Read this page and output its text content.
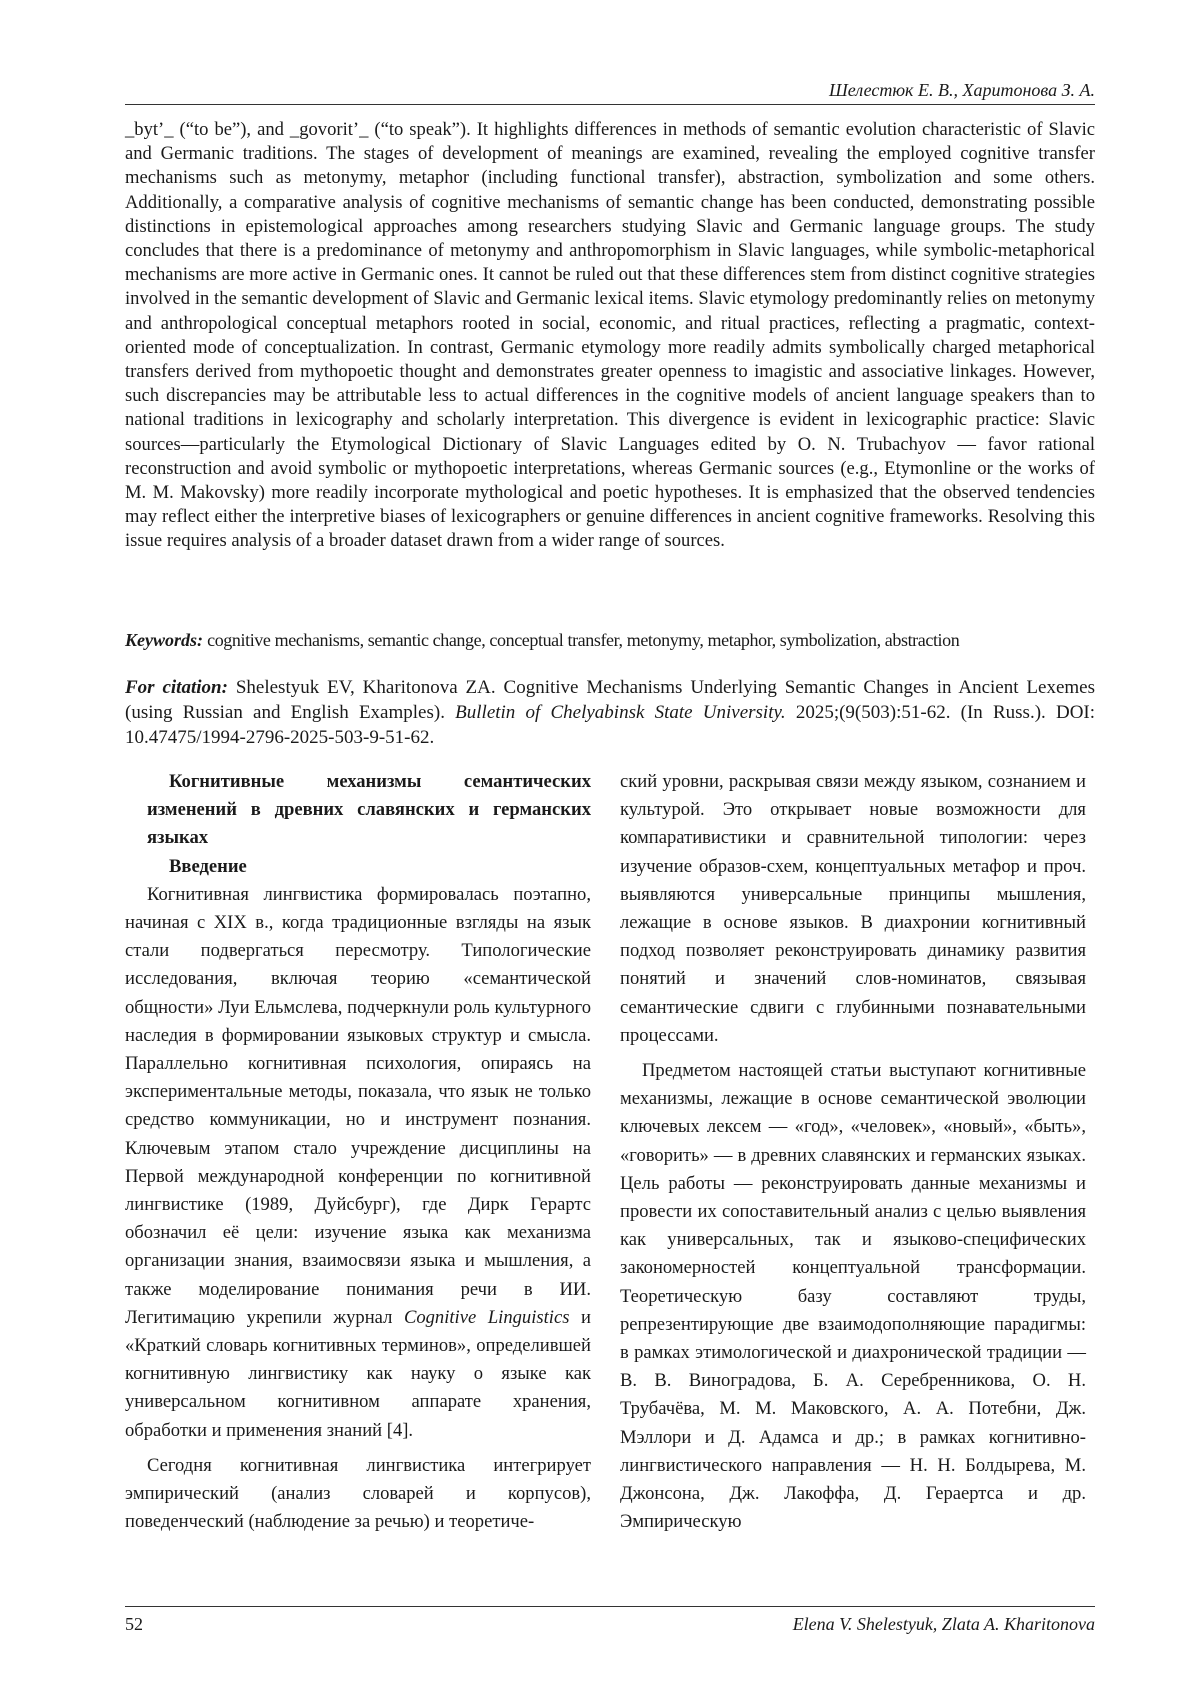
Шелестюк Е. В., Харитонова З. А.

_byt’_ (“to be”), and _govorit’_ (“to speak”). It highlights differences in methods of semantic evolution characteristic of Slavic and Germanic traditions. The stages of development of meanings are examined, revealing the employed cognitive transfer mechanisms such as metonymy, metaphor (including functional transfer), abstraction, symbolization and some others. Additionally, a comparative analysis of cognitive mechanisms of semantic change has been conducted, demonstrating possible distinctions in epistemological approaches among researchers studying Slavic and Germanic language groups. The study concludes that there is a predominance of metonymy and anthropomorphism in Slavic languages, while symbolic-metaphorical mechanisms are more active in Germanic ones. It cannot be ruled out that these differences stem from distinct cognitive strategies involved in the semantic development of Slavic and Germanic lexical items. Slavic etymology predominantly relies on metonymy and anthropological conceptual metaphors rooted in social, economic, and ritual practices, reflecting a pragmatic, context-oriented mode of conceptualization. In contrast, Germanic etymology more readily admits symbolically charged metaphorical transfers derived from mythopoetic thought and demonstrates greater openness to imagistic and associative linkages. However, such discrepancies may be attributable less to actual differences in the cognitive models of ancient language speakers than to national traditions in lexicography and scholarly interpretation. This divergence is evident in lexicographic practice: Slavic sources—particularly the Etymological Dictionary of Slavic Languages edited by O. N. Trubachyov — favor rational reconstruction and avoid symbolic or mythopoetic interpretations, whereas Germanic sources (e.g., Etymonline or the works of M. M. Makovsky) more readily incorporate mythological and poetic hypotheses. It is emphasized that the observed tendencies may reflect either the interpretive biases of lexicographers or genuine differences in ancient cognitive frameworks. Resolving this issue requires analysis of a broader dataset drawn from a wider range of sources.

Keywords: cognitive mechanisms, semantic change, conceptual transfer, metonymy, metaphor, symbolization, abstraction
For citation: Shelestyuk EV, Kharitonova ZA. Cognitive Mechanisms Underlying Semantic Changes in Ancient Lexemes (using Russian and English Examples). Bulletin of Chelyabinsk State University. 2025;(9(503):51-62. (In Russ.). DOI: 10.47475/1994-2796-2025-503-9-51-62.

Когнитивные механизмы семантических изменений в древних славянских и германских языках

Введение

Когнитивная лингвистика формировалась поэтапно, начиная с XIX в., когда традиционные взгляды на язык стали подвергаться пересмотру. Типологические исследования, включая теорию «семантической общности» Луи Ельмслева, подчеркнули роль культурного наследия в формировании языковых структур и смысла. Параллельно когнитивная психология, опираясь на экспериментальные методы, показала, что язык не только средство коммуникации, но и инструмент познания. Ключевым этапом стало учреждение дисциплины на Первой международной конференции по когнитивной лингвистике (1989, Дуйсбург), где Дирк Герартс обозначил её цели: изучение языка как механизма организации знания, взаимосвязи языка и мышления, а также моделирование понимания речи в ИИ. Легитимацию укрепили журнал Cognitive Linguistics и «Краткий словарь когнитивных терминов», определившей когнитивную лингвистику как науку о языке как универсальном когнитивном аппарате хранения, обработки и применения знаний [4].

Сегодня когнитивная лингвистика интегрирует эмпирический (анализ словарей и корпусов), поведенческий (наблюдение за речью) и теоретиче-

ский уровни, раскрывая связи между языком, сознанием и культурой. Это открывает новые возможности для компаративистики и сравнительной типологии: через изучение образов-схем, концептуальных метафор и проч. выявляются универсальные принципы мышления, лежащие в основе языков. В диахронии когнитивный подход позволяет реконструировать динамику развития понятий и значений слов-номинатов, связывая семантические сдвиги с глубинными познавательными процессами.

Предметом настоящей статьи выступают когнитивные механизмы, лежащие в основе семантической эволюции ключевых лексем — «год», «человек», «новый», «быть», «говорить» — в древних славянских и германских языках. Цель работы — реконструировать данные механизмы и провести их сопоставительный анализ с целью выявления как универсальных, так и языково-специфических закономерностей концептуальной трансформации. Теоретическую базу составляют труды, репрезентирующие две взаимодополняющие парадигмы: в рамках этимологической и диахронической традиции — В. В. Виноградова, Б. А. Серебренникова, О. Н. Трубачёва, М. М. Маковского, А. А. Потебни, Дж. Мэллори и Д. Адамса и др.; в рамках когнитивно-лингвистического направления — Н. Н. Болдырева, М. Джонсона, Дж. Лакоффа, Д. Гераертса и др. Эмпирическую

52	Elena V. Shelestyuk, Zlata A. Kharitonova
